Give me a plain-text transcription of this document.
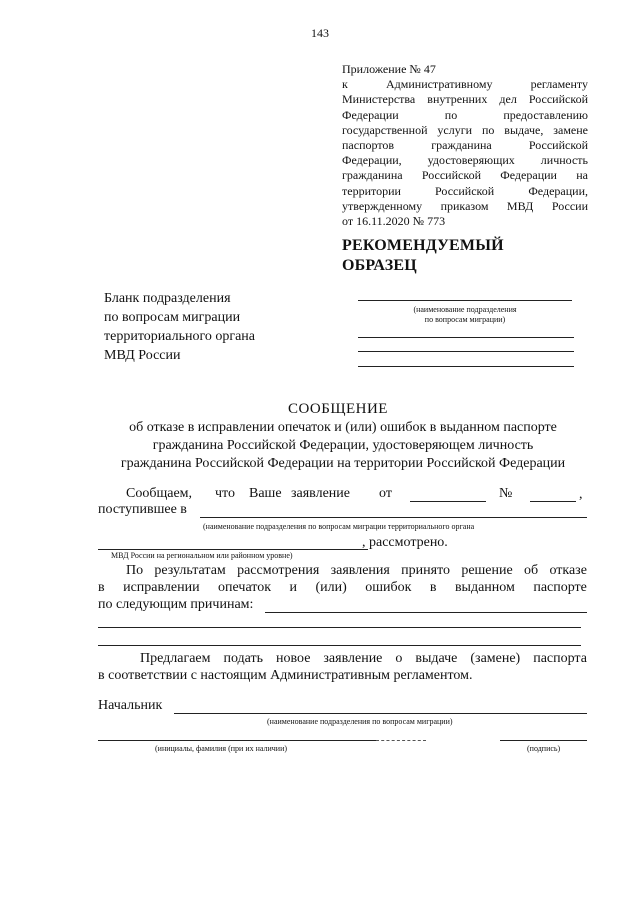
143
Приложение № 47
к Административному регламенту
Министерства внутренних дел Российской
Федерации по предоставлению
государственной услуги по выдаче, замене
паспортов гражданина Российской
Федерации, удостоверяющих личность
гражданина Российской Федерации на
территории Российской Федерации,
утвержденному приказом МВД России
от 16.11.2020 № 773
РЕКОМЕНДУЕМЫЙ
ОБРАЗЕЦ
Бланк подразделения
по вопросам миграции
территориального органа
МВД России
(наименование подразделения
по вопросам миграции)
СООБЩЕНИЕ
об отказе в исправлении опечаток и (или) ошибок в выданном паспорте
гражданина Российской Федерации, удостоверяющем личность
гражданина Российской Федерации на территории Российской Федерации
Сообщаем, что Ваше заявление от	№	,
поступившее в
(наименование подразделения по вопросам миграции территориального органа
, рассмотрено.
МВД России на региональном или районном уровне)
По результатам рассмотрения заявления принято решение об отказе
в исправлении опечаток и (или) ошибок в выданном паспорте
по следующим причинам:
Предлагаем подать новое заявление о выдаче (замене) паспорта
в соответствии с настоящим Административным регламентом.
Начальник
(наименование подразделения по вопросам миграции)
(инициалы, фамилия (при их наличии)	(подпись)
